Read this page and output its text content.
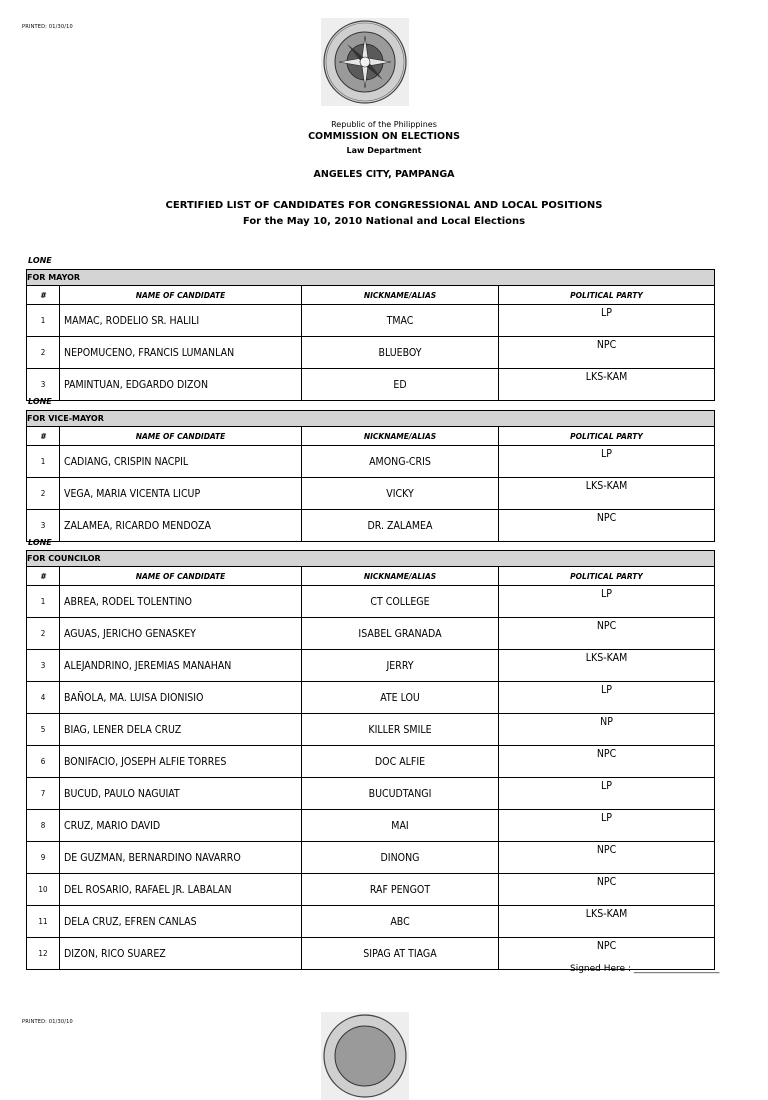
PRINTED: 01/30/10
Republic of the Philippines
COMMISSION ON ELECTIONS
Law Department
ANGELES CITY, PAMPANGA
CERTIFIED LIST OF CANDIDATES FOR CONGRESSIONAL AND LOCAL POSITIONS
For the May 10, 2010 National and Local Elections
LONE
FOR MAYOR			
#	NAME OF CANDIDATE	NICKNAME/ALIAS	POLITICAL PARTY
1	MAMAC, RODELIO SR. HALILI	TMAC	LP
2	NEPOMUCENO, FRANCIS LUMANLAN	BLUEBOY	NPC
3	PAMINTUAN, EDGARDO DIZON	ED	LKS-KAM
LONE
FOR VICE-MAYOR			
#	NAME OF CANDIDATE	NICKNAME/ALIAS	POLITICAL PARTY
1	CADIANG, CRISPIN NACPIL	AMONG-CRIS	LP
2	VEGA, MARIA VICENTA LICUP	VICKY	LKS-KAM
3	ZALAMEA, RICARDO MENDOZA	DR. ZALAMEA	NPC
LONE
FOR COUNCILOR			
#	NAME OF CANDIDATE	NICKNAME/ALIAS	POLITICAL PARTY
1	ABREA, RODEL TOLENTINO	CT COLLEGE	LP
2	AGUAS, JERICHO GENASKEY	ISABEL GRANADA	NPC
3	ALEJANDRINO, JEREMIAS MANAHAN	JERRY	LKS-KAM
4	BAÑOLA, MA. LUISA DIONISIO	ATE LOU	LP
5	BIAG, LENER DELA CRUZ	KILLER SMILE	NP
6	BONIFACIO, JOSEPH ALFIE TORRES	DOC ALFIE	NPC
7	BUCUD, PAULO NAGUIAT	BUCUDTANGI	LP
8	CRUZ, MARIO DAVID	MAI	LP
9	DE GUZMAN, BERNARDINO NAVARRO	DINONG	NPC
10	DEL ROSARIO, RAFAEL JR. LABALAN	RAF PENGOT	NPC
11	DELA CRUZ, EFREN CANLAS	ABC	LKS-KAM
12	DIZON, RICO SUAREZ	SIPAG AT TIAGA	NPC
Signed Here : ___________________
PRINTED: 01/30/10
